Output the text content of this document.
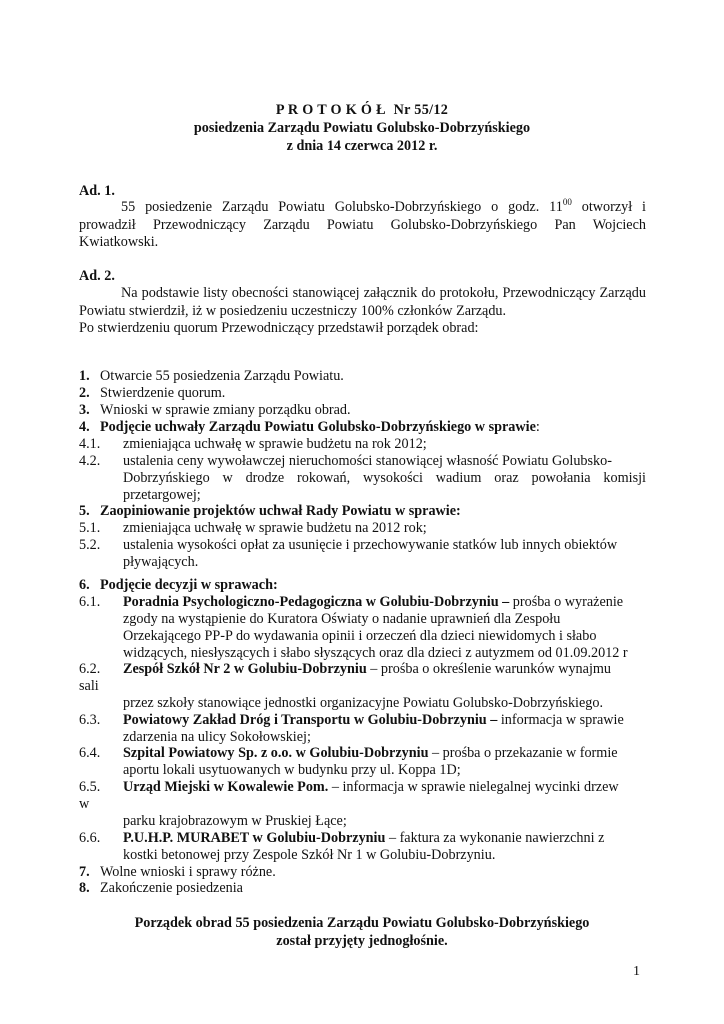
P R O T O K Ó Ł  Nr 55/12
posiedzenia Zarządu Powiatu Golubsko-Dobrzyńskiego
z dnia 14 czerwca 2012 r.
Ad. 1.
55 posiedzenie Zarządu Powiatu Golubsko-Dobrzyńskiego o godz. $11^{00}$ otworzył i prowadził Przewodniczący Zarządu Powiatu Golubsko-Dobrzyńskiego Pan Wojciech Kwiatkowski.
Ad. 2.
Na podstawie listy obecności stanowiącej załącznik do protokołu, Przewodniczący Zarządu Powiatu stwierdził, iż w posiedzeniu uczestniczy 100% członków Zarządu.
Po stwierdzeniu quorum Przewodniczący przedstawił porządek obrad:
1. Otwarcie 55 posiedzenia Zarządu Powiatu.
2. Stwierdzenie quorum.
3. Wnioski w sprawie zmiany porządku obrad.
4. Podjęcie uchwały Zarządu Powiatu Golubsko-Dobrzyńskiego w sprawie:
4.1. zmieniająca uchwałę w sprawie budżetu na rok 2012;
4.2. ustalenia ceny wywoławczej nieruchomości stanowiącej własność Powiatu Golubsko-
Dobrzyńskiego w drodze rokowań, wysokości wadium oraz powołania komisji
przetargowej;
5. Zaopiniowanie projektów uchwał Rady Powiatu w sprawie:
5.1. zmieniająca uchwałę w sprawie budżetu na 2012 rok;
5.2. ustalenia wysokości opłat za usunięcie i przechowywanie statków lub innych obiektów
pływających.
6. Podjęcie decyzji w sprawach:
6.1. Poradnia Psychologiczno-Pedagogiczna w Golubiu-Dobrzyniu – prośba o wyrażenie
zgody na wystąpienie do Kuratora Oświaty o nadanie uprawnień dla Zespołu
Orzekającego PP-P do wydawania opinii i orzeczeń dla dzieci niewidomych i słabo
widzących, niesłyszących i słabo słyszących oraz dla dzieci z autyzmem od 01.09.2012 r
6.2. Zespół Szkół Nr 2 w Golubiu-Dobrzyniu – prośba o określenie warunków wynajmu
sali
przez szkoły stanowiące jednostki organizacyjne Powiatu Golubsko-Dobrzyńskiego.
6.3. Powiatowy Zakład Dróg i Transportu w Golubiu-Dobrzyniu – informacja w sprawie
zdarzenia na ulicy Sokołowskiej;
6.4. Szpital Powiatowy Sp. z o.o. w Golubiu-Dobrzyniu – prośba o przekazanie w formie
aportu lokali usytuowanych w budynku przy ul. Koppa 1D;
6.5. Urząd Miejski w Kowalewie Pom. – informacja w sprawie nielegalnej wycinki drzew
w
parku krajobrazowym w Pruskiej Łące;
6.6. P.U.H.P. MURABET w Golubiu-Dobrzyniu – faktura za wykonanie nawierzchni z
kostki betonowej przy Zespole Szkół Nr 1 w Golubiu-Dobrzyniu.
7. Wolne wnioski i sprawy różne.
8. Zakończenie posiedzenia
Porządek obrad 55 posiedzenia Zarządu Powiatu Golubsko-Dobrzyńskiego
został przyjęty jednogłośnie.
1
